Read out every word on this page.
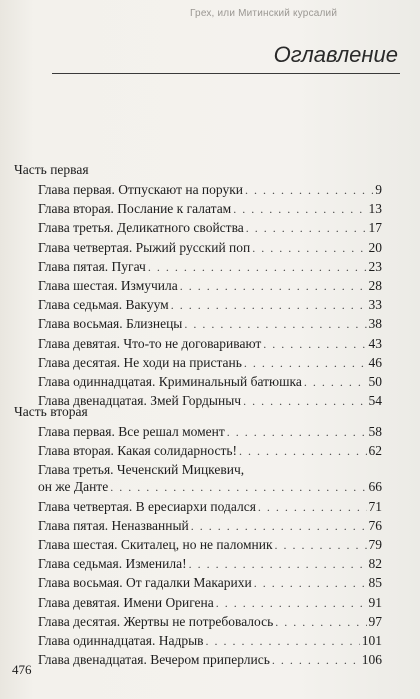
Грех, или Митинский курсалий
Оглавление
Часть первая
Глава первая. Отпускают на поруки . . .	9
Глава вторая. Послание к галатам . . .	13
Глава третья. Деликатного свойства . . .	17
Глава четвертая. Рыжий русский поп . . .	20
Глава пятая. Пугач . . .	23
Глава шестая. Измучила . . .	28
Глава седьмая. Вакуум . . .	33
Глава восьмая. Близнецы . . .	38
Глава девятая. Что-то не договаривают . . .	43
Глава десятая. Не ходи на пристань . . .	46
Глава одиннадцатая. Криминальный батюшка . . .	50
Глава двенадцатая. Змей Гордыныч . . .	54
Часть вторая
Глава первая. Все решал момент . . .	58
Глава вторая. Какая солидарность! . . .	62
Глава третья. Чеченский Мицкевич,
он же Данте . . .	66
Глава четвертая. В ересиархи подался . . .	71
Глава пятая. Неназванный . . .	76
Глава шестая. Скиталец, но не паломник . . .	79
Глава седьмая. Изменила! . . .	82
Глава восьмая. От гадалки Макарихи . . .	85
Глава девятая. Имени Оригена . . .	91
Глава десятая. Жертвы не потребовалось . . .	97
Глава одиннадцатая. Надрыв . . .	101
Глава двенадцатая. Вечером приперлись . . .	106
476
